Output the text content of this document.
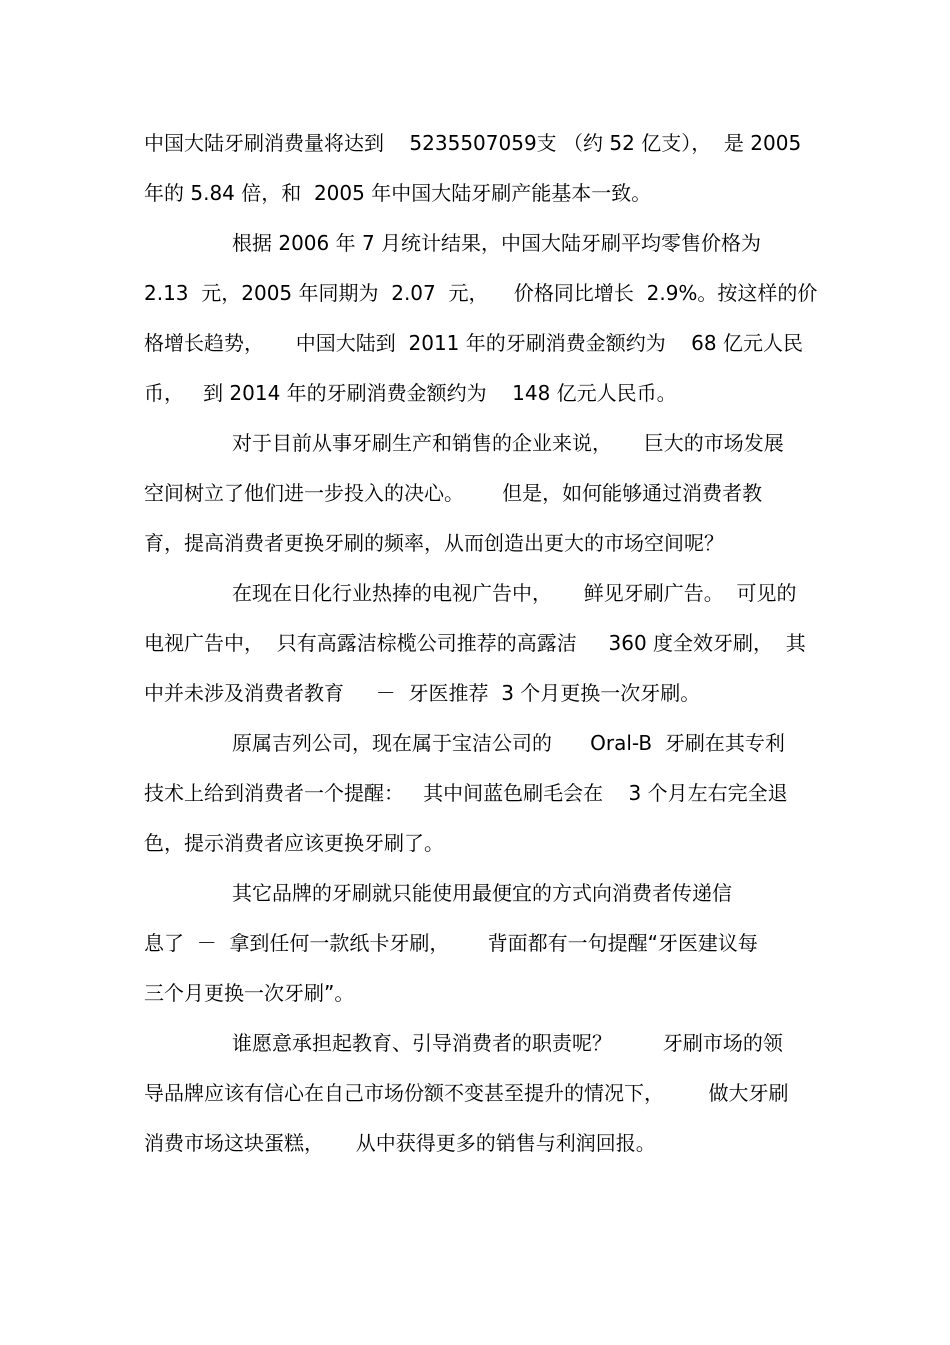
中国大陆牙刷消费量将达到    5235507059支 （约 52 亿支），  是 2005
年的 5.84 倍，和  2005 年中国大陆牙刷产能基本一致。
根据 2006 年 7 月统计结果，中国大陆牙刷平均零售价格为
2.13  元，2005 年同期为  2.07  元，    价格同比增长  2.9%。按这样的价
格增长趋势，     中国大陆到  2011 年的牙刷消费金额约为    68 亿元人民
币，   到 2014 年的牙刷消费金额约为    148 亿元人民币。
对于目前从事牙刷生产和销售的企业来说，     巨大的市场发展
空间树立了他们进一步投入的决心。      但是，如何能够通过消费者教
育，提高消费者更换牙刷的频率，从而创造出更大的市场空间呢？
在现在日化行业热捧的电视广告中，     鲜见牙刷广告。  可见的
电视广告中，  只有高露洁棕榄公司推荐的高露洁     360 度全效牙刷，  其
中并未涉及消费者教育     －  牙医推荐  3 个月更换一次牙刷。
原属吉列公司，现在属于宝洁公司的      Oral-B  牙刷在其专利
技术上给到消费者一个提醒：   其中间蓝色刷毛会在    3 个月左右完全退
色，提示消费者应该更换牙刷了。
其它品牌的牙刷就只能使用最便宜的方式向消费者传递信
息了  －  拿到任何一款纸卡牙刷，      背面都有一句提醒“牙医建议每
三个月更换一次牙刷”。
谁愿意承担起教育、引导消费者的职责呢？        牙刷市场的领
导品牌应该有信心在自己市场份额不变甚至提升的情况下，       做大牙刷
消费市场这块蛋糕，     从中获得更多的销售与利润回报。
